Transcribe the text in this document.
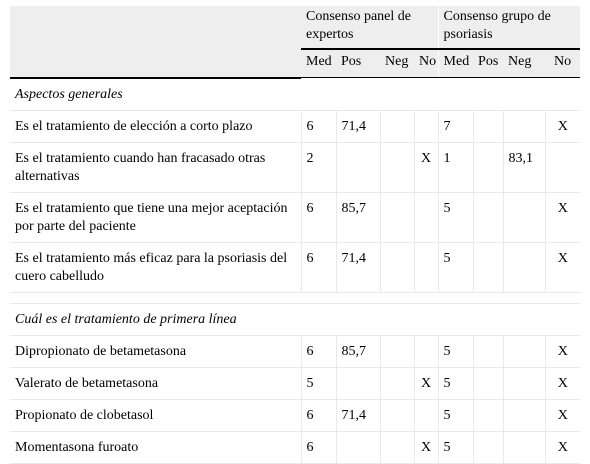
	Consenso panel de expertos				Consenso grupo de psoriasis			
	Med	Pos	Neg	No	Med	Pos	Neg	No
Aspectos generales								
Es el tratamiento de elección a corto plazo	6	71,4			7			X
Es el tratamiento cuando han fracasado otras alternativas	2			X	1		83,1	
Es el tratamiento que tiene una mejor aceptación por parte del paciente	6	85,7			5			X
Es el tratamiento más eficaz para la psoriasis del cuero cabelludo	6	71,4			5			X

Cuál es el tratamiento de primera línea								
Dipropionato de betametasona	6	85,7			5			X
Valerato de betametasona	5			X	5			X
Propionato de clobetasol	6	71,4			5			X
Momentasona furoato	6			X	5			X
